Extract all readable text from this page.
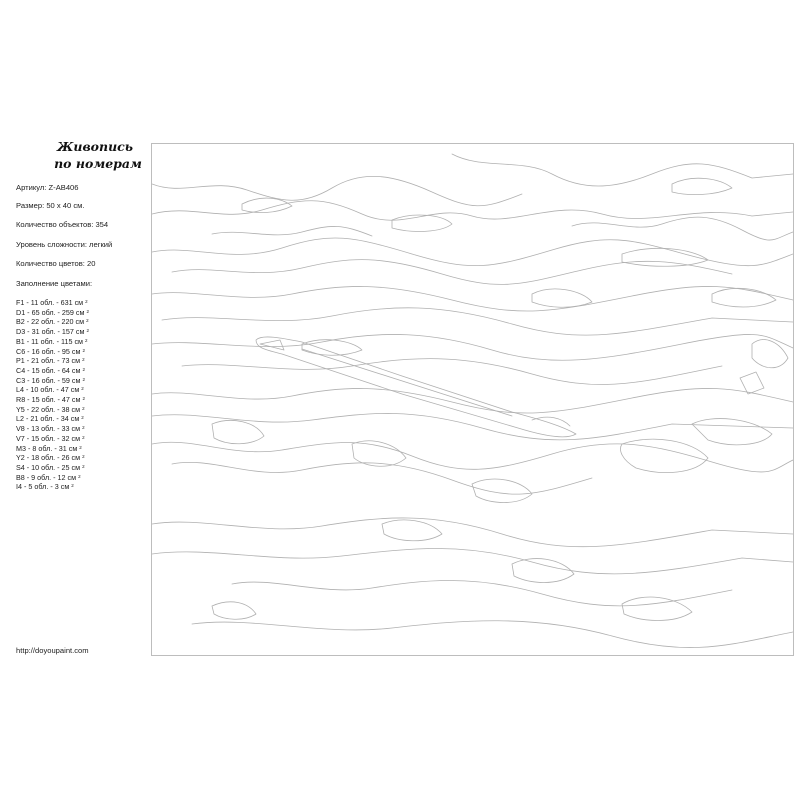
Живопись
по номерам
Артикул: Z-AB406
Размер: 50 x 40 см.
Количество объектов: 354
Уровень сложности: легкий
Количество цветов: 20
Заполнение цветами:
F1 - 11 обл. - 631 см $^2$
D1 - 65 обл. - 259 см $^2$
B2 - 22 обл. - 220 см $^2$
D3 - 31 обл. - 157 см $^2$
B1 - 11 обл. - 115 см $^2$
C6 - 16 обл. - 95 см $^2$
P1 - 21 обл. - 73 см $^2$
C4 - 15 обл. - 64 см $^2$
C3 - 16 обл. - 59 см $^2$
L4 - 10 обл. - 47 см $^2$
R8 - 15 обл. - 47 см $^2$
Y5 - 22 обл. - 38 см $^2$
L2 - 21 обл. - 34 см $^2$
V8 - 13 обл. - 33 см $^2$
V7 - 15 обл. - 32 см $^2$
M3 - 8 обл. - 31 см $^2$
Y2 - 18 обл. - 26 см $^2$
S4 - 10 обл. - 25 см $^2$
B8 - 9 обл. - 12 см $^2$
I4 - 5 обл. - 3 см $^2$
http://doyoupaint.com
